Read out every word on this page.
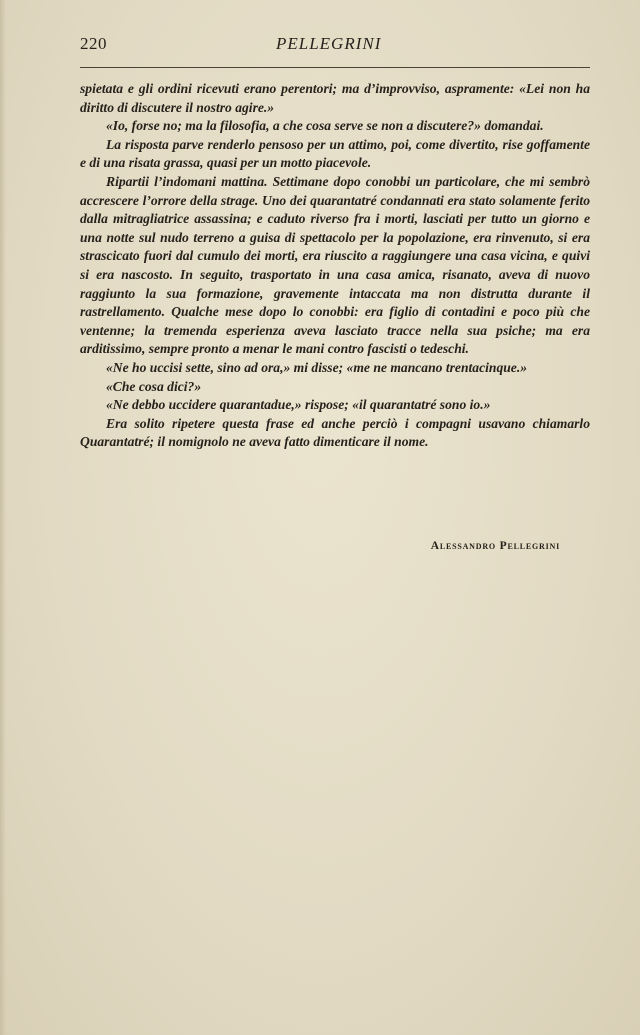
220	PELLEGRINI

spietata e gli ordini ricevuti erano perentori; ma d’improvviso, aspramente: «Lei non ha diritto di discutere il nostro agire.»

«Io, forse no; ma la filosofia, a che cosa serve se non a discutere?» domandai.

La risposta parve renderlo pensoso per un attimo, poi, come divertito, rise goffamente e di una risata grassa, quasi per un motto piacevole.

Ripartii l’indomani mattina. Settimane dopo conobbi un particolare, che mi sembrò accrescere l’orrore della strage. Uno dei quarantatré condannati era stato solamente ferito dalla mitragliatrice assassina; e caduto riverso fra i morti, lasciati per tutto un giorno e una notte sul nudo terreno a guisa di spettacolo per la popolazione, era rinvenuto, si era strascicato fuori dal cumulo dei morti, era riuscito a raggiungere una casa vicina, e quivi si era nascosto. In seguito, trasportato in una casa amica, risanato, aveva di nuovo raggiunto la sua formazione, gravemente intaccata ma non distrutta durante il rastrellamento. Qualche mese dopo lo conobbi: era figlio di contadini e poco più che ventenne; la tremenda esperienza aveva lasciato tracce nella sua psiche; ma era arditissimo, sempre pronto a menar le mani contro fascisti o tedeschi.

«Ne ho uccisi sette, sino ad ora,» mi disse; «me ne mancano trentacinque.»

«Che cosa dici?»

«Ne debbo uccidere quarantadue,» rispose; «il quarantatré sono io.»

Era solito ripetere questa frase ed anche perciò i compagni usavano chiamarlo Quarantatré; il nomignolo ne aveva fatto dimenticare il nome.

Alessandro Pellegrini
